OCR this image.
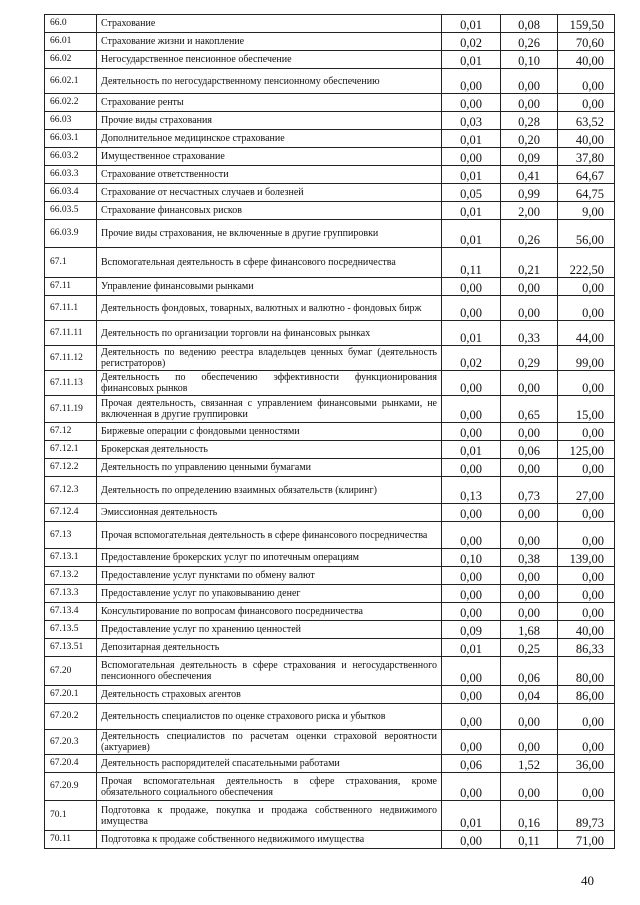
66.0	Страхование	0,01	0,08	159,50
66.01	Страхование жизни и накопление	0,02	0,26	70,60
66.02	Негосударственное пенсионное обеспечение	0,01	0,10	40,00
66.02.1	Деятельность по негосударственному пенсионному обеспечению	0,00	0,00	0,00
66.02.2	Страхование ренты	0,00	0,00	0,00
66.03	Прочие виды страхования	0,03	0,28	63,52
66.03.1	Дополнительное медицинское страхование	0,01	0,20	40,00
66.03.2	Имущественное страхование	0,00	0,09	37,80
66.03.3	Страхование ответственности	0,01	0,41	64,67
66.03.4	Страхование от несчастных случаев и болезней	0,05	0,99	64,75
66.03.5	Страхование финансовых рисков	0,01	2,00	9,00
66.03.9	Прочие виды страхования, не включенные в другие группировки	0,01	0,26	56,00
67.1	Вспомогательная деятельность в сфере финансового посредничества	0,11	0,21	222,50
67.11	Управление финансовыми рынками	0,00	0,00	0,00
67.11.1	Деятельность фондовых, товарных, валютных и валютно - фондовых бирж	0,00	0,00	0,00
67.11.11	Деятельность по организации торговли на финансовых рынках	0,01	0,33	44,00
67.11.12	Деятельность по ведению реестра владельцев ценных бумаг (деятельность регистраторов)	0,02	0,29	99,00
67.11.13	Деятельность по обеспечению эффективности функционирования финансовых рынков	0,00	0,00	0,00
67.11.19	Прочая деятельность, связанная с управлением финансовыми рынками, не включенная в другие группировки	0,00	0,65	15,00
67.12	Биржевые операции с фондовыми ценностями	0,00	0,00	0,00
67.12.1	Брокерская деятельность	0,01	0,06	125,00
67.12.2	Деятельность по управлению ценными бумагами	0,00	0,00	0,00
67.12.3	Деятельность по определению взаимных обязательств (клиринг)	0,13	0,73	27,00
67.12.4	Эмиссионная деятельность	0,00	0,00	0,00
67.13	Прочая вспомогательная деятельность в сфере финансового посредничества	0,00	0,00	0,00
67.13.1	Предоставление брокерских услуг по ипотечным операциям	0,10	0,38	139,00
67.13.2	Предоставление услуг пунктами по обмену валют	0,00	0,00	0,00
67.13.3	Предоставление услуг по упаковыванию денег	0,00	0,00	0,00
67.13.4	Консультирование по вопросам финансового посредничества	0,00	0,00	0,00
67.13.5	Предоставление услуг по хранению ценностей	0,09	1,68	40,00
67.13.51	Депозитарная деятельность	0,01	0,25	86,33
67.20	Вспомогательная деятельность в сфере страхования и негосударственного пенсионного обеспечения	0,00	0,06	80,00
67.20.1	Деятельность страховых агентов	0,00	0,04	86,00
67.20.2	Деятельность специалистов по оценке страхового риска и убытков	0,00	0,00	0,00
67.20.3	Деятельность специалистов по расчетам оценки страховой вероятности (актуариев)	0,00	0,00	0,00
67.20.4	Деятельность распорядителей спасательными работами	0,06	1,52	36,00
67.20.9	Прочая вспомогательная деятельность в сфере страхования, кроме обязательного социального обеспечения	0,00	0,00	0,00
70.1	Подготовка к продаже, покупка и продажа собственного недвижимого имущества	0,01	0,16	89,73
70.11	Подготовка к продаже собственного недвижимого имущества	0,00	0,11	71,00
40
